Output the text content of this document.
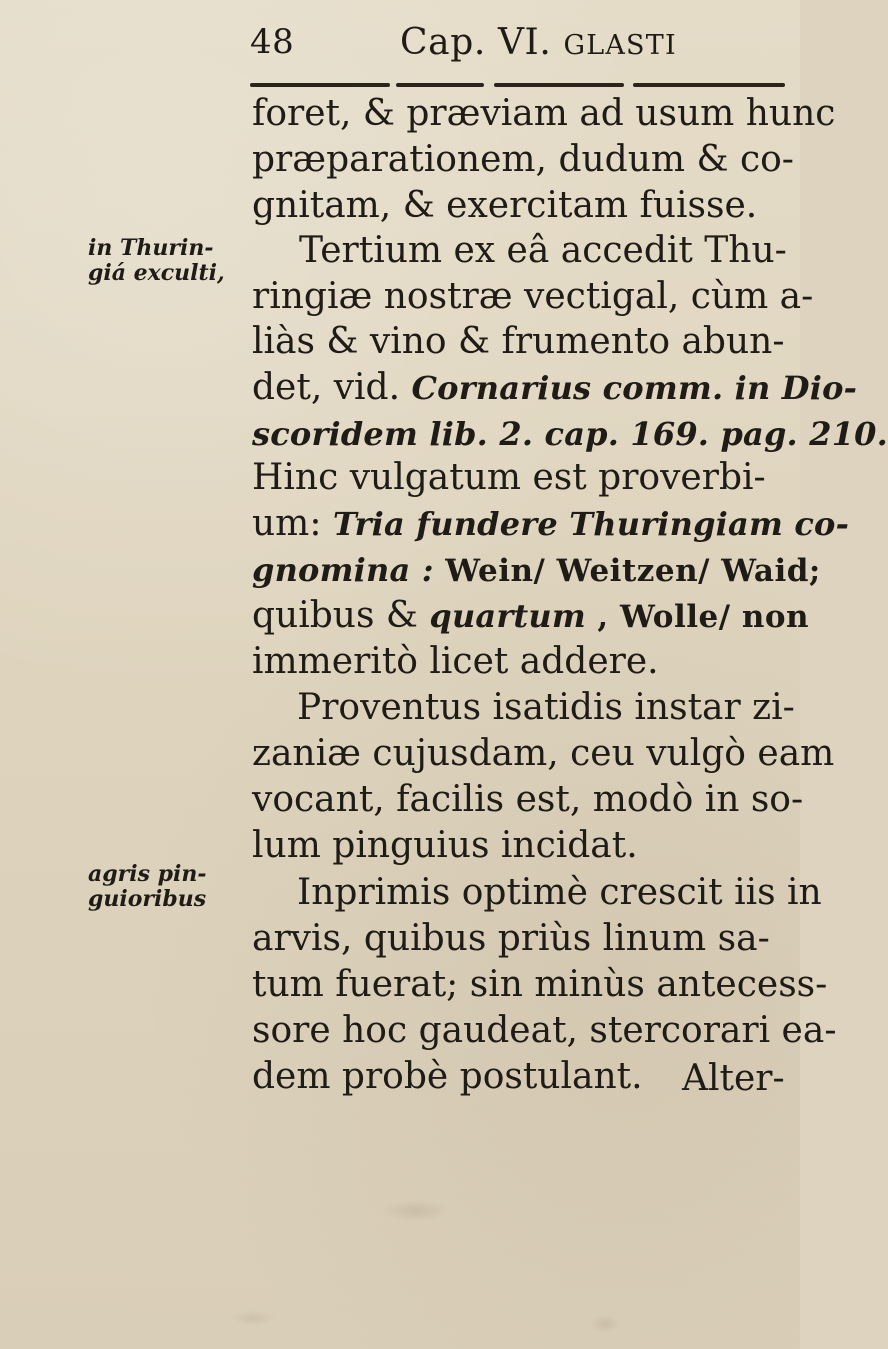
48	Cap. VI. GLASTI
in Thurin-
giá exculti,
agris pin-
guioribus
foret, & præviam ad usum hunc
præparationem, dudum & co-
gnitam, & exercitam fuisse.
Tertium ex eâ accedit Thu-
ringiæ nostræ vectigal, cùm a-
liàs & vino & frumento abun-
det, vid. Cornarius comm. in Dio-
scoridem lib. 2. cap. 169. pag. 210.
Hinc vulgatum est proverbi-
um: Tria fundere Thuringiam co-
gnomina : Wein/ Weitzen/ Waid;
quibus & quartum , Wolle/ non
immeritò licet addere.
Proventus isatidis instar zi-
zaniæ cujusdam, ceu vulgò eam
vocant, facilis est, modò in so-
lum pinguius incidat.
Inprimis optimè crescit iis in
arvis, quibus priùs linum sa-
tum fuerat; sin minùs antecess-
sore hoc gaudeat, stercorari ea-
dem probè postulant. Alter-
